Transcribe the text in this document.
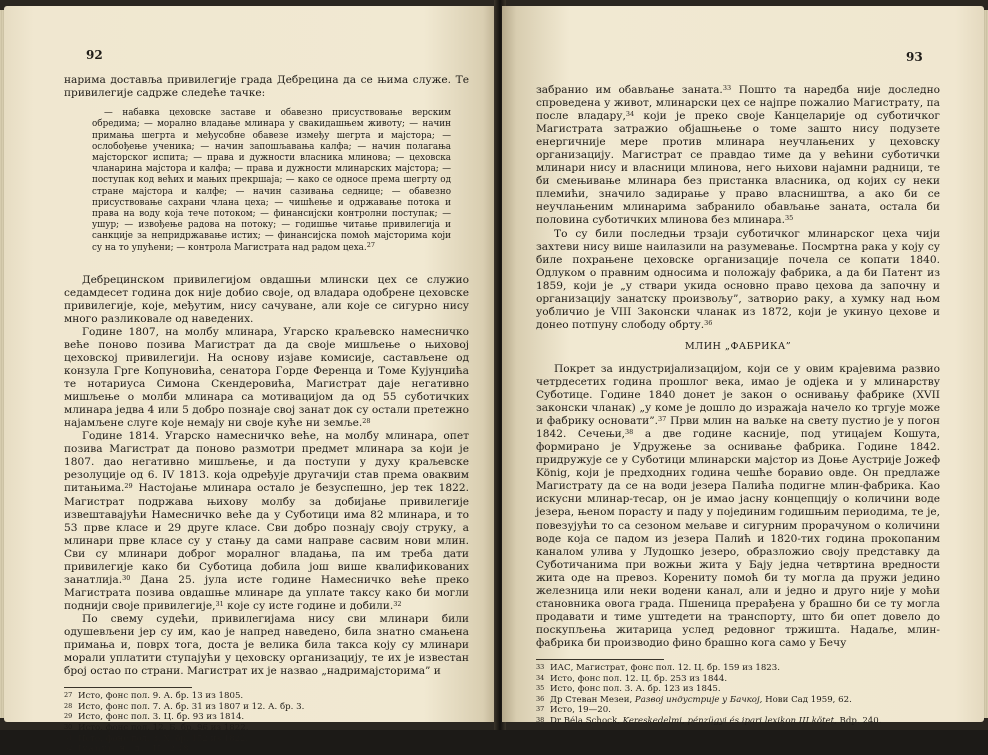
92

нарима достављa привилегије града Дебрецина да се њима служе. Те привилегије садрже следеће тачке:

— набавка цеховске заставе и обавезно присуствовање верским обредима; — морално владање млинара у свакидашњем животу; — начин примања шегрта и међусобне обавезе између шегрта и мајстора; — ослобођење ученика; — начин запошљавања калфа; — начин полагања мајсторског испита; — права и дужности власника млинова; — цеховска чланарина мајстора и калфа; — права и дужности млинарских мајстора; — поступак код већих и мањих прекршаја; — како се односе према шегрту од стране мајстора и калфе; — начин сазивања седнице; — обавезно присуствовање сахрани члана цеха; — чишћење и одржавање потока и права на воду која тече потоком; — финансијски контролни поступак; — ушур; — извођење радова на потоку; — годишње читање привилегија и санкције за непридржавање истих; — финансијска помоћ мајсторима који су на то упућени; — контрола Магистрата над радом цеха.$^{27}$

Дебрецинском привилегијом овдашњи млински цех се служио седамдесет година док није добио своје, од владара одобрене цеховске привилегије, које, међутим, нису сачуване, али које се сигурно нису много разликовале од наведених.

Године 1807, на молбу млинара, Угарско краљевско намесничко веће поново позива Магистрат да да своје мишљење о њиховој цеховској привилегији. На основу изјаве комисије, састављене од конзула Грге Копуновића, сенатора Горде Ференца и Томе Кујунџића те нотариуса Симона Скендеровића, Магистрат даје негативно мишљење о молби млинара са мотивацијом да од 55 суботичких млинара једва 4 или 5 добро познаје свој занат док су остали претежно најамљене слуге које немају ни своје куће ни земље.$^{28}$

Године 1814. Угарско намесничко веће, на молбу млинара, опет позива Магистрат да поново размотри предмет млинара за који је 1807. дао негативно мишљење, и да поступи у духу краљевске резолуције од 6. IV 1813. која одређује другачији став према оваквим питањима.$^{29}$ Настојање млинара остало је безуспешно, јер тек 1822. Магистрат подржава њихову молбу за добијање привилегије извештавајући Намесничко веће да у Суботици има 82 млинара, и то 53 прве класе и 29 друге класе. Сви добро познају своју струку, а млинари прве класе су у стању да сами направе сасвим нови млин. Сви су млинари доброг моралног владања, па им треба дати привилегије како би Суботица добила још више квалификованих занатлија.$^{30}$ Дана 25. јула исте године Намесничко веће преко Магистрата позива овдашње млинаре да уплате таксу како би могли поднији своје привилегије,$^{31}$ које су исте године и добили.$^{32}$

По свему судећи, привилегијама нису сви млинари били одушевљени јер су им, као је напред наведено, била знатно смањена примања и, поврх тога, доста је велика била такса коју су млинари морали уплатити ступајући у цеховску организацију, те их је известан број остао по страни. Магистрат их је назвао „надримајсторима” и

27 Исто, фонс пол. 9. А. бр. 13 из 1805.
28 Исто, фонс пол. 7. А. бр. 31 из 1807 и 12. А. бр. 3.
29 Исто, фонс пол. 3. Ц. бр. 93 из 1814.
30 Исто, фонс пол. 12. Б. бр. 96 из 1822.
31 Исто, фонс пол. 3. Х. бр. 152 из 1822.
32 Ivanyi, н. д., II, 238.
93

забранио им обављање заната.$^{33}$ Пошто та наредба није доследно спроведена у живот, млинарски цех се најпре пожалио Магистрату, па после владару,$^{34}$ који је преко своје Канцеларије од суботичког Магистрата затражио објашњење о томе зашто нису подузете енергичније мере против млинара неучлањених у цеховску организацију. Магистрат се правдао тиме да у већини суботички млинари нису и власници млинова, него њихови најамни радници, те би смењивање млинара без пристанка власника, од којих су неки племићи, значило задирање у право власништва, а ако би се неучлањеним млинарима забранило обављање заната, остала би половина суботичких млинова без млинара.$^{35}$

То су били последњи трзаји суботичког млинарског цеха чији захтеви нису више наилазили на разумевање. Посмртна рака у коју су биле похрањене цеховске организације почела се копати 1840. Одлуком о правним односима и положају фабрика, а да би Патент из 1859, који је „у ствари укида основно право цехова да започну и организацију занатску произвољу”, затворио раку, а хумку над њом уобличио је VIII Законски чланак из 1872, који је укинуо цехове и донео потпуну слободу обрту.$^{36}$

МЛИН „ФАБРИКА”

Покрет за индустријализацијом, који се у овим крајевима развио четрдесетих година прошлог века, имао је одјека и у млинарству Суботице. Године 1840 донет је закон о оснивању фабрике (XVII законски чланак) „у коме је дошло до изражаја начело ко тргује може и фабрику основати”.$^{37}$ Први млин на ваљке на свету пустио је у погон 1842. Сечењи,$^{38}$ а две године касније, под утицајем Кошута, формирано је Удружење за оснивање фабрика. Године 1842. придружује се у Суботици млинарски мајстор из Доње Аустрије Јожеф König, који је предходних година чешће боравио овде. Он предлаже Магистрату да се на води језера Палића подигне млин-фабрика. Као искусни млинар-тесар, он је имао јасну концепцију о количини воде језера, њеном порасту и паду у појединим годишњим периодима, те је, повезујући то са сезоном мељаве и сигурним прорачуном о количини воде која се падом из језера Палић и 1820-тих година прокопаним каналом улива у Лудошко језеро, образложио своју представку да Суботичанима при вожњи жита у Бају једна четвртина вредности жита оде на превоз. Корениту помоћ би ту могла да пружи једино железница или неки водени канал, али и једно и друго није у моћи становника овога града. Пшеница прерађена у брашно би се ту могла продавати и тиме уштедети на транспорту, што би опет довело до поскупљења житарица услед редовног тржишта. Надаље, млин-фабрика би производио фино брашно кога само у Бечу

33 ИАС, Магистрат, фонс пол. 12. Ц. бр. 159 из 1823.
34 Исто, фонс пол. 12. Ц. бр. 253 из 1844.
35 Исто, фонс пол. 3. А. бр. 123 из 1845.
36 Др Стеван Мезеи, Развој индустрије у Бачкој, Нови Сад 1959, 62.
37 Исто, 19—20.
38 Dr Béla Schock, Kereskedelmi, pénzügyi és ipari lexikon III kötet, Bdp. 240.
